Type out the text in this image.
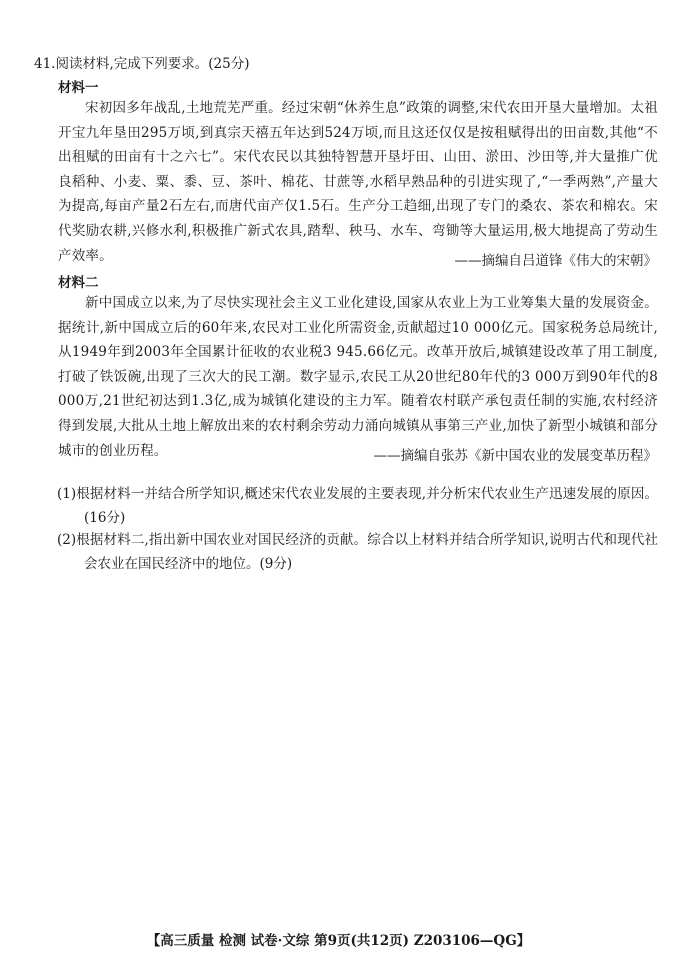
41.阅读材料,完成下列要求。(25分)
材料一
宋初因多年战乱,土地荒芜严重。经过宋朝“休养生息”政策的调整,宋代农田开垦大量增加。太祖开宝九年垦田295万顷,到真宗天禧五年达到524万顷,而且这还仅仅是按租赋得出的田亩数,其他“不出租赋的田亩有十之六七”。宋代农民以其独特智慧开垦圩田、山田、淤田、沙田等,并大量推广优良稻种、小麦、粟、黍、豆、茶叶、棉花、甘蔗等,水稻早熟品种的引进实现了,“一季两熟”,产量大为提高,每亩产量2石左右,而唐代亩产仅1.5石。生产分工趋细,出现了专门的桑农、茶农和棉农。宋代奖励农耕,兴修水利,积极推广新式农具,踏犁、秧马、水车、弯锄等大量运用,极大地提高了劳动生产效率。	——摘编自吕道锋《伟大的宋朝》
材料二
新中国成立以来,为了尽快实现社会主义工业化建设,国家从农业上为工业筹集大量的发展资金。据统计,新中国成立后的60年来,农民对工业化所需资金,贡献超过10 000亿元。国家税务总局统计,从1949年到2003年全国累计征收的农业税3 945.66亿元。改革开放后,城镇建设改革了用工制度,打破了铁饭碗,出现了三次大的民工潮。数字显示,农民工从20世纪80年代的3 000万到90年代的8 000万,21世纪初达到1.3亿,成为城镇化建设的主力军。随着农村联产承包责任制的实施,农村经济得到发展,大批从土地上解放出来的农村剩余劳动力涌向城镇从事第三产业,加快了新型小城镇和部分城市的创业历程。	——摘编自张苏《新中国农业的发展变革历程》
(1)根据材料一并结合所学知识,概述宋代农业发展的主要表现,并分析宋代农业生产迅速发展的原因。(16分)
(2)根据材料二,指出新中国农业对国民经济的贡献。综合以上材料并结合所学知识,说明古代和现代社会农业在国民经济中的地位。(9分)
【高三质量 检测 试卷·文综 第9页(共12页) Z203106—QG】
